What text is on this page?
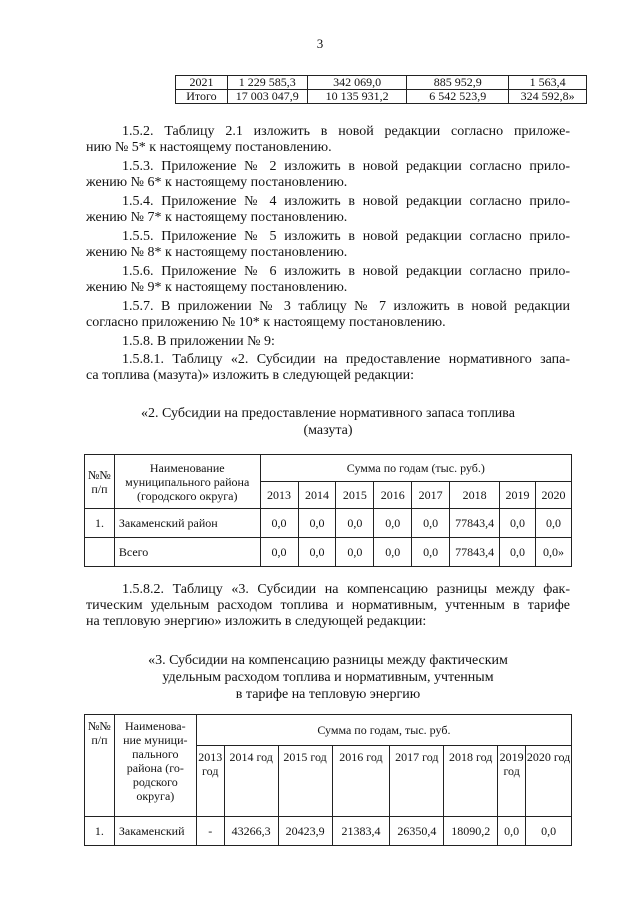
3
2021	1 229 585,3	342 069,0	885 952,9	1 563,4
Итого	17 003 047,9	10 135 931,2	6 542 523,9	324 592,8»
1.5.2. Таблицу 2.1 изложить в новой редакции согласно приложе-
нию № 5* к настоящему постановлению.
1.5.3. Приложение № 2 изложить в новой редакции согласно прило-
жению № 6* к настоящему постановлению.
1.5.4. Приложение № 4 изложить в новой редакции согласно прило-
жению № 7* к настоящему постановлению.
1.5.5. Приложение № 5 изложить в новой редакции согласно прило-
жению № 8* к настоящему постановлению.
1.5.6. Приложение № 6 изложить в новой редакции согласно прило-
жению № 9* к настоящему постановлению.
1.5.7. В приложении № 3 таблицу № 7 изложить в новой редакции
согласно приложению № 10* к настоящему постановлению.
1.5.8. В приложении № 9:
1.5.8.1. Таблицу «2. Субсидии на предоставление нормативного запа-
са топлива (мазута)» изложить в следующей редакции:
«2. Субсидии на предоставление нормативного запаса топлива
(мазута)
№№ п/п	Наименование муниципального района (городского округа)	Сумма по годам (тыс. руб.)							
		2013	2014	2015	2016	2017	2018	2019	2020
1.	Закаменский район	0,0	0,0	0,0	0,0	0,0	77843,4	0,0	0,0
	Всего	0,0	0,0	0,0	0,0	0,0	77843,4	0,0	0,0»
1.5.8.2. Таблицу «3. Субсидии на компенсацию разницы между фак-
тическим удельным расходом топлива и нормативным, учтенным в тарифе
на тепловую энергию» изложить в следующей редакции:
«3. Субсидии на компенсацию разницы между фактическим
удельным расходом топлива и нормативным, учтенным
в тарифе на тепловую энергию
№№ п/п	Наименова- ние муници- пального района (го- родского округа)	Сумма по годам, тыс. руб.							
		2013 год	2014 год	2015 год	2016 год	2017 год	2018 год	2019 год	2020 год
1.	Закаменский	-	43266,3	20423,9	21383,4	26350,4	18090,2	0,0	0,0
